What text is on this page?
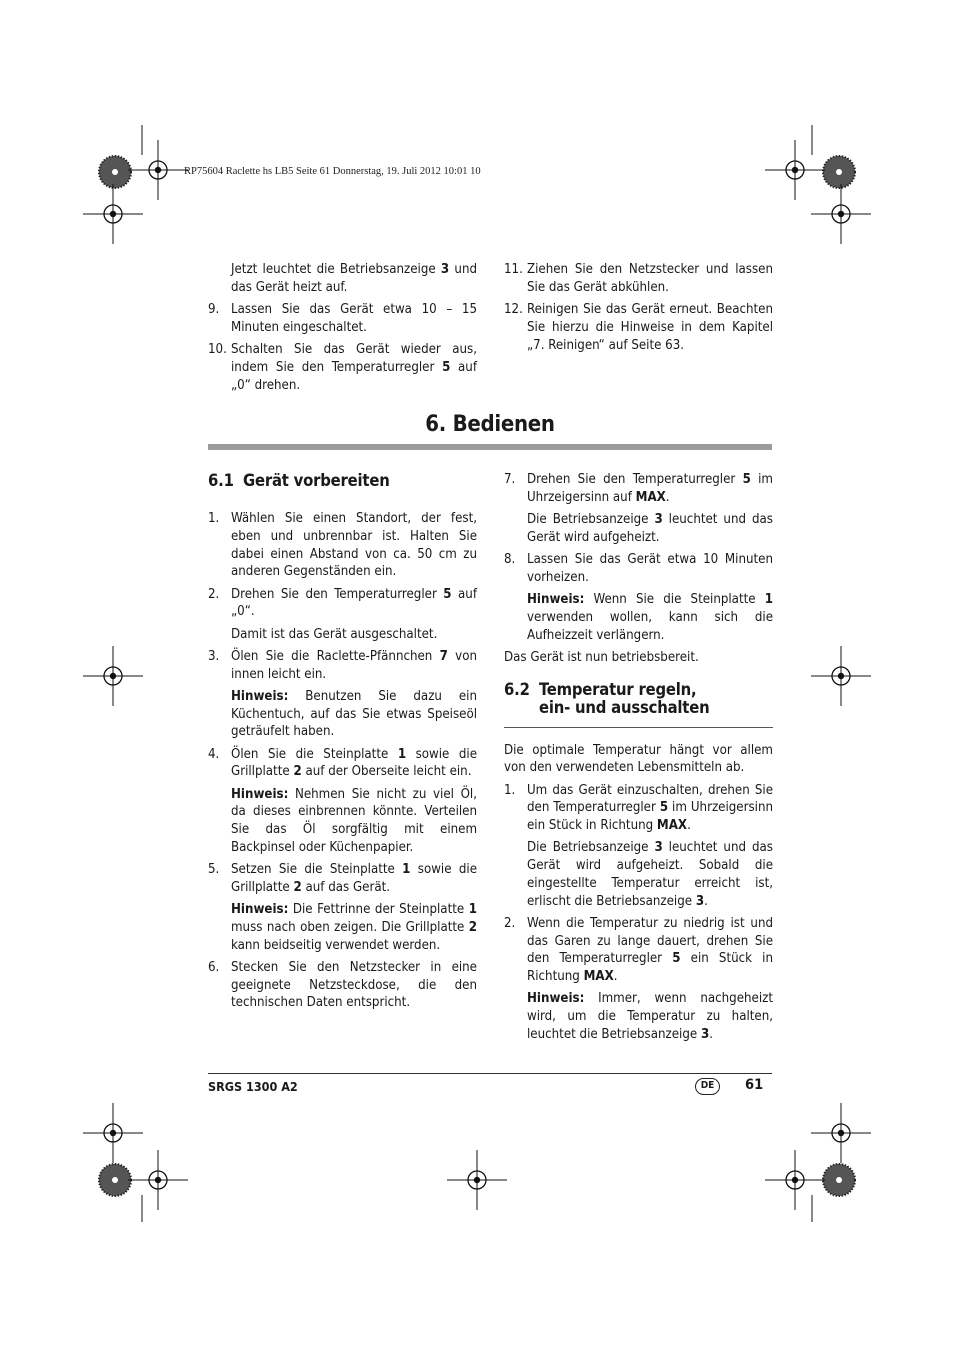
RP75604 Raclette hs LB5 Seite 61 Donnerstag, 19. Juli 2012 10:01 10
Jetzt leuchtet die Betriebsanzeige 3 und das Gerät heizt auf.
9. Lassen Sie das Gerät etwa 10 – 15 Minuten eingeschaltet.
10. Schalten Sie das Gerät wieder aus, indem Sie den Temperaturregler 5 auf „0“ drehen.
11. Ziehen Sie den Netzstecker und lassen Sie das Gerät abkühlen.
12. Reinigen Sie das Gerät erneut. Beachten Sie hierzu die Hinweise in dem Kapitel „7. Reinigen“ auf Seite 63.
6. Bedienen
6.1 Gerät vorbereiten
1. Wählen Sie einen Standort, der fest, eben und unbrennbar ist. Halten Sie dabei einen Abstand von ca. 50 cm zu anderen Gegenständen ein.
2. Drehen Sie den Temperaturregler 5 auf „0“.
Damit ist das Gerät ausgeschaltet.
3. Ölen Sie die Raclette-Pfännchen 7 von innen leicht ein.
Hinweis: Benutzen Sie dazu ein Küchentuch, auf das Sie etwas Speiseöl geträufelt haben.
4. Ölen Sie die Steinplatte 1 sowie die Grillplatte 2 auf der Oberseite leicht ein.
Hinweis: Nehmen Sie nicht zu viel Öl, da dieses einbrennen könnte. Verteilen Sie das Öl sorgfältig mit einem Backpinsel oder Küchenpapier.
5. Setzen Sie die Steinplatte 1 sowie die Grillplatte 2 auf das Gerät.
Hinweis: Die Fettrinne der Steinplatte 1 muss nach oben zeigen. Die Grillplatte 2 kann beidseitig verwendet werden.
6. Stecken Sie den Netzstecker in eine geeignete Netzsteckdose, die den technischen Daten entspricht.
7. Drehen Sie den Temperaturregler 5 im Uhrzeigersinn auf MAX.
Die Betriebsanzeige 3 leuchtet und das Gerät wird aufgeheizt.
8. Lassen Sie das Gerät etwa 10 Minuten vorheizen.
Hinweis: Wenn Sie die Steinplatte 1 verwenden wollen, kann sich die Aufheizzeit verlängern.
Das Gerät ist nun betriebsbereit.
6.2 Temperatur regeln,
ein- und ausschalten
Die optimale Temperatur hängt vor allem von den verwendeten Lebensmitteln ab.
1. Um das Gerät einzuschalten, drehen Sie den Temperaturregler 5 im Uhrzeigersinn ein Stück in Richtung MAX.
Die Betriebsanzeige 3 leuchtet und das Gerät wird aufgeheizt. Sobald die eingestellte Temperatur erreicht ist, erlischt die Betriebsanzeige 3.
2. Wenn die Temperatur zu niedrig ist und das Garen zu lange dauert, drehen Sie den Temperaturregler 5 ein Stück in Richtung MAX.
Hinweis: Immer, wenn nachgeheizt wird, um die Temperatur zu halten, leuchtet die Betriebsanzeige 3.
SRGS 1300 A2	DE	61
